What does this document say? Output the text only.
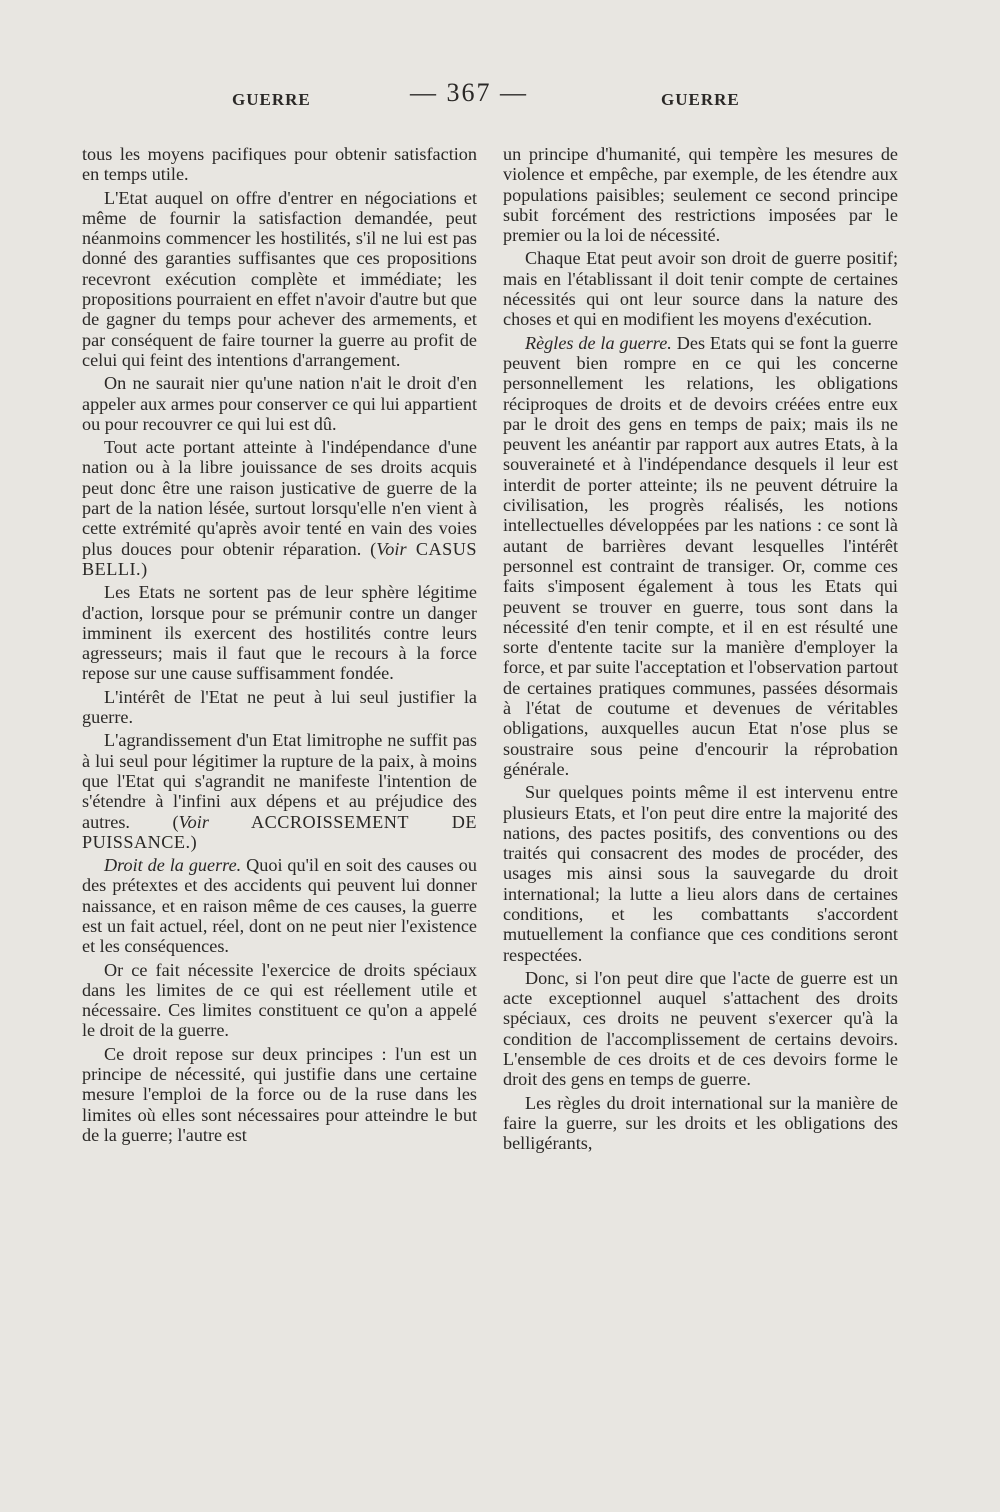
GUERRE	— 367 —	GUERRE

tous les moyens pacifiques pour obtenir satisfaction en temps utile.

L'Etat auquel on offre d'entrer en négociations et même de fournir la satisfaction demandée, peut néanmoins commencer les hostilités, s'il ne lui est pas donné des garanties suffisantes que ces propositions recevront exécution complète et immédiate; les propositions pourraient en effet n'avoir d'autre but que de gagner du temps pour achever des armements, et par conséquent de faire tourner la guerre au profit de celui qui feint des intentions d'arrangement.

On ne saurait nier qu'une nation n'ait le droit d'en appeler aux armes pour conserver ce qui lui appartient ou pour recouvrer ce qui lui est dû.

Tout acte portant atteinte à l'indépendance d'une nation ou à la libre jouissance de ses droits acquis peut donc être une raison justicative de guerre de la part de la nation lésée, surtout lorsqu'elle n'en vient à cette extrémité qu'après avoir tenté en vain des voies plus douces pour obtenir réparation. (Voir CASUS BELLI.)

Les Etats ne sortent pas de leur sphère légitime d'action, lorsque pour se prémunir contre un danger imminent ils exercent des hostilités contre leurs agresseurs; mais il faut que le recours à la force repose sur une cause suffisamment fondée.

L'intérêt de l'Etat ne peut à lui seul justifier la guerre.

L'agrandissement d'un Etat limitrophe ne suffit pas à lui seul pour légitimer la rupture de la paix, à moins que l'Etat qui s'agrandit ne manifeste l'intention de s'étendre à l'infini aux dépens et au préjudice des autres. (Voir ACCROISSEMENT DE PUISSANCE.)

Droit de la guerre. Quoi qu'il en soit des causes ou des prétextes et des accidents qui peuvent lui donner naissance, et en raison même de ces causes, la guerre est un fait actuel, réel, dont on ne peut nier l'existence et les conséquences.

Or ce fait nécessite l'exercice de droits spéciaux dans les limites de ce qui est réellement utile et nécessaire. Ces limites constituent ce qu'on a appelé le droit de la guerre.

Ce droit repose sur deux principes : l'un est un principe de nécessité, qui justifie dans une certaine mesure l'emploi de la force ou de la ruse dans les limites où elles sont nécessaires pour atteindre le but de la guerre; l'autre est

un principe d'humanité, qui tempère les mesures de violence et empêche, par exemple, de les étendre aux populations paisibles; seulement ce second principe subit forcément des restrictions imposées par le premier ou la loi de nécessité.

Chaque Etat peut avoir son droit de guerre positif; mais en l'établissant il doit tenir compte de certaines nécessités qui ont leur source dans la nature des choses et qui en modifient les moyens d'exécution.

Règles de la guerre. Des Etats qui se font la guerre peuvent bien rompre en ce qui les concerne personnellement les relations, les obligations réciproques de droits et de devoirs créées entre eux par le droit des gens en temps de paix; mais ils ne peuvent les anéantir par rapport aux autres Etats, à la souveraineté et à l'indépendance desquels il leur est interdit de porter atteinte; ils ne peuvent détruire la civilisation, les progrès réalisés, les notions intellectuelles développées par les nations : ce sont là autant de barrières devant lesquelles l'intérêt personnel est contraint de transiger. Or, comme ces faits s'imposent également à tous les Etats qui peuvent se trouver en guerre, tous sont dans la nécessité d'en tenir compte, et il en est résulté une sorte d'entente tacite sur la manière d'employer la force, et par suite l'acceptation et l'observation partout de certaines pratiques communes, passées désormais à l'état de coutume et devenues de véritables obligations, auxquelles aucun Etat n'ose plus se soustraire sous peine d'encourir la réprobation générale.

Sur quelques points même il est intervenu entre plusieurs Etats, et l'on peut dire entre la majorité des nations, des pactes positifs, des conventions ou des traités qui consacrent des modes de procéder, des usages mis ainsi sous la sauvegarde du droit international; la lutte a lieu alors dans de certaines conditions, et les combattants s'accordent mutuellement la confiance que ces conditions seront respectées.

Donc, si l'on peut dire que l'acte de guerre est un acte exceptionnel auquel s'attachent des droits spéciaux, ces droits ne peuvent s'exercer qu'à la condition de l'accomplissement de certains devoirs. L'ensemble de ces droits et de ces devoirs forme le droit des gens en temps de guerre.

Les règles du droit international sur la manière de faire la guerre, sur les droits et les obligations des belligérants,
